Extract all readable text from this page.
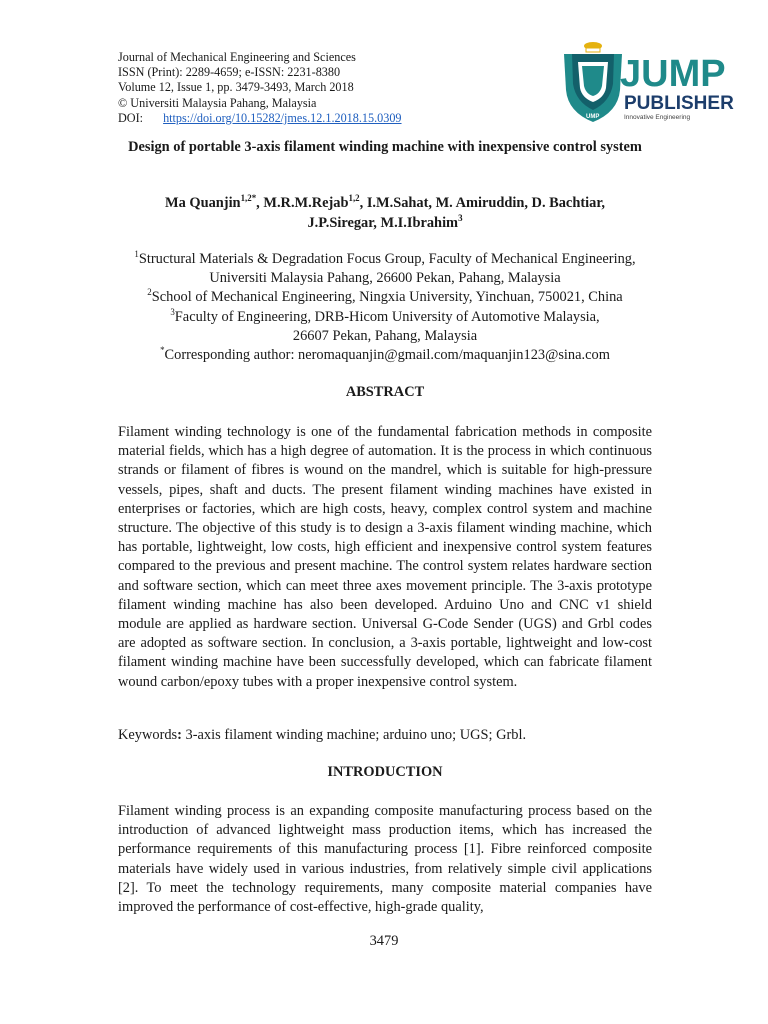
Journal of Mechanical Engineering and Sciences
ISSN (Print): 2289-4659; e-ISSN: 2231-8380
Volume 12, Issue 1, pp. 3479-3493, March 2018
© Universiti Malaysia Pahang, Malaysia
DOI: https://doi.org/10.15282/jmes.12.1.2018.15.0309	UMP
JUMP
PUBLISHER
Innovative Engineering
Design of portable 3-axis filament winding machine with inexpensive control system
Ma Quanjin$^{1,2*}$, M.R.M.Rejab$^{1,2}$, I.M.Sahat, M. Amiruddin, D. Bachtiar,
J.P.Siregar, M.I.Ibrahim$^3$
$^1$Structural Materials & Degradation Focus Group, Faculty of Mechanical Engineering,
Universiti Malaysia Pahang, 26600 Pekan, Pahang, Malaysia
$^2$School of Mechanical Engineering, Ningxia University, Yinchuan, 750021, China
$^3$Faculty of Engineering, DRB-Hicom University of Automotive Malaysia,
26607 Pekan, Pahang, Malaysia
*Corresponding author: neromaquanjin@gmail.com/maquanjin123@sina.com
ABSTRACT
Filament winding technology is one of the fundamental fabrication methods in composite material fields, which has a high degree of automation. It is the process in which continuous strands or filament of fibres is wound on the mandrel, which is suitable for high-pressure vessels, pipes, shaft and ducts. The present filament winding machines have existed in enterprises or factories, which are high costs, heavy, complex control system and machine structure. The objective of this study is to design a 3-axis filament winding machine, which has portable, lightweight, low costs, high efficient and inexpensive control system features compared to the previous and present machine. The control system relates hardware section and software section, which can meet three axes movement principle. The 3-axis prototype filament winding machine has also been developed. Arduino Uno and CNC v1 shield module are applied as hardware section. Universal G-Code Sender (UGS) and Grbl codes are adopted as software section. In conclusion, a 3-axis portable, lightweight and low-cost filament winding machine have been successfully developed, which can fabricate filament wound carbon/epoxy tubes with a proper inexpensive control system.
Keywords: 3-axis filament winding machine; arduino uno; UGS; Grbl.
INTRODUCTION
Filament winding process is an expanding composite manufacturing process based on the introduction of advanced lightweight mass production items, which has increased the performance requirements of this manufacturing process [1]. Fibre reinforced composite materials have widely used in various industries, from relatively simple civil applications [2]. To meet the technology requirements, many composite material companies have improved the performance of cost-effective, high-grade quality,
3479
